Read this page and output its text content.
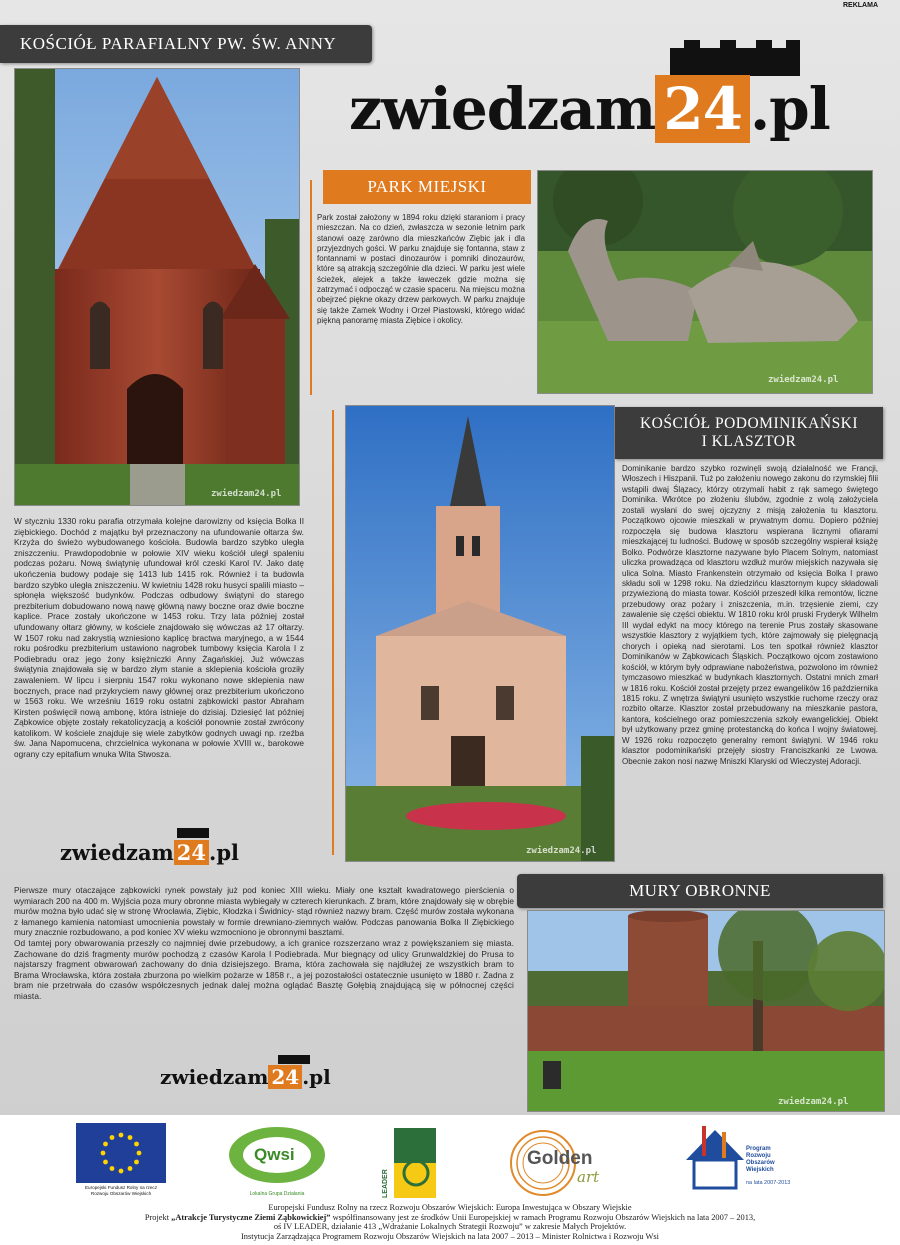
REKLAMA
KOŚCIÓŁ PARAFIALNY PW. ŚW. ANNY
zwiedzam24.pl

W styczniu 1330 roku parafia otrzymała kolejne darowizny od księcia Bolka II ziębickiego. Dochód z majątku był przeznaczony na ufundowanie ołtarza św. Krzyża do świeżo wybudowanego kościoła. Budowla bardzo szybko uległa zniszczeniu. Prawdopodobnie w połowie XIV wieku kościół uległ spaleniu podczas pożaru. Nową świątynię ufundował król czeski Karol IV. Jako datę ukończenia budowy podaje się 1413 lub 1415 rok. Również i ta budowla bardzo szybko uległa zniszczeniu. W kwietniu 1428 roku husyci spalili miasto – spłonęła większość budynków. Podczas odbudowy świątyni do starego prezbiterium dobudowano nową nawę główną nawy boczne oraz dwie boczne kaplice. Prace zostały ukończone w 1453 roku. Trzy lata później został ufundowany ołtarz główny, w kościele znajdowało się wówczas aż 17 ołtarzy. W 1507 roku nad zakrystią wzniesiono kaplicę bractwa maryjnego, a w 1544 roku pośrodku prezbiterium ustawiono nagrobek tumbowy księcia Karola I z Podiebradu oraz jego żony księżniczki Anny Żagańskiej. Już wówczas świątynia znajdowała się w bardzo złym stanie a sklepienia kościoła groziły zawaleniem. W lipcu i sierpniu 1547 roku wykonano nowe sklepienia naw bocznych, prace nad przykryciem nawy głównej oraz prezbiterium ukończono w 1563 roku. We wrześniu 1619 roku ostatni ząbkowicki pastor Abraham Kirsten poświęcił nową ambonę, która istnieje do dzisiaj. Dziesięć lat później Ząbkowice objęte zostały rekatolicyzacją a kościół ponownie został zwrócony katolikom. W kościele znajduje się wiele zabytków godnych uwagi np. rzeźba św. Jana Napomucena, chrzcielnica wykonana w połowie XVIII w., barokowe ograny czy epitafium wnuka Wita Stwosza.

zwiedzam 24 .pl
zwiedzam 24 .pl
PARK MIEJSKI

Park został założony w 1894 roku dzięki staraniom i pracy mieszczan. Na co dzień, zwłaszcza w sezonie letnim park stanowi oazę zarówno dla mieszkańców Ziębic jak i dla przyjezdnych gości. W parku znajduje się fontanna, staw z fontannami w postaci dinozaurów i pomniki dinozaurów, które są atrakcją szczególnie dla dzieci. W parku jest wiele ścieżek, alejek a także ławeczek gdzie można się zatrzymać i odpocząć w czasie spaceru. Na miejscu można obejrzeć piękne okazy drzew parkowych. W parku znajduje się także Zamek Wodny i Orzeł Piastowski, którego widać piękną panoramę miasta Ziębice i okolicy.

zwiedzam24.pl
zwiedzam24.pl
KOŚCIÓŁ PODOMINIKAŃSKI
I KLASZTOR

Dominikanie bardzo szybko rozwinęli swoją działalność we Francji, Włoszech i Hiszpanii. Tuż po założeniu nowego zakonu do rzymskiej filii wstąpili dwaj Ślązacy, którzy otrzymali habit z rąk samego świętego Dominika. Wkrótce po złożeniu ślubów, zgodnie z wolą założyciela zostali wysłani do swej ojczyzny z misją założenia tu klasztoru. Początkowo ojcowie mieszkali w prywatnym domu. Dopiero później rozpoczęła się budowa klasztoru wspierana licznymi ofiarami mieszkającej tu ludności. Budowę w sposób szczególny wspierał książę Bolko. Podwórze klasztorne nazywane było Placem Solnym, natomiast uliczka prowadząca od klasztoru wzdłuż murów miejskich nazywała się ulica Solna. Miasto Frankenstein otrzymało od księcia Bolka I prawo składu soli w 1298 roku. Na dziedzińcu klasztornym kupcy składowali przywiezioną do miasta towar. Kościół przeszedł kilka remontów, liczne przebudowy oraz pożary i zniszczenia, m.in. trzęsienie ziemi, czy zawalenie się części obiektu. W 1810 roku król pruski Fryderyk Wilhelm III wydał edykt na mocy którego na terenie Prus zostały skasowane wszystkie klasztory z wyjątkiem tych, które zajmowały się pielęgnacją chorych i opieką nad sierotami. Los ten spotkał również klasztor Dominikanów w Ząbkowicach Śląskich. Początkowo ojcom zostawiono kościół, w którym były odprawiane nabożeństwa, pozwolono im również tymczasowo mieszkać w budynkach klasztornych. Ostatni mnich zmarł w 1816 roku. Kościół został przejęty przez ewangelików 16 października 1815 roku. Z wnętrza świątyni usunięto wszystkie ruchome rzeczy oraz rozbito ołtarze. Klasztor został przebudowany na mieszkanie pastora, kantora, kościelnego oraz pomieszczenia szkoły ewangelickiej. Obiekt był użytkowany przez gminę protestancką do końca I wojny światowej. W 1926 roku rozpoczęto generalny remont świątyni. W 1946 roku klasztor podominikański przejęły siostry Franciszkanki ze Lwowa. Obecnie zakon nosi nazwę Mniszki Klaryski od Wieczystej Adoracji.

Pierwsze mury otaczające ząbkowicki rynek powstały już pod koniec XIII wieku. Miały one kształt kwadratowego pierścienia o wymiarach 200 na 400 m. Wyjścia poza mury obronne miasta wybiegały w czterech kierunkach. Z bram, które znajdowały się w obrębie murów można było udać się w stronę Wrocławia, Ziębic, Kłodzka i Świdnicy- stąd również nazwy bram. Część murów została wykonana z łamanego kamienia natomiast umocnienia powstały w formie drewniano-ziemnych wałów. Podczas panowania Bolka II Ziębickiego mury znacznie rozbudowano, a pod koniec XV wieku wzmocniono je obronnymi basztami.

Od tamtej pory obwarowania przeszły co najmniej dwie przebudowy, a ich granice rozszerzano wraz z powiększaniem się miasta. Zachowane do dziś fragmenty murów pochodzą z czasów Karola I Podiebrada. Mur biegnący od ulicy Grunwaldzkiej do Prusa to najstarszy fragment obwarowań zachowany do dnia dzisiejszego. Brama, która zachowała się najdłużej ze wszystkich bram to Brama Wrocławska, która została zburzona po wielkim pożarze w 1858 r., a jej pozostałości ostatecznie usunięto w 1880 r. Żadna z bram nie przetrwała do czasów współczesnych jednak dalej można oglądać Basztę Gołębią znajdującą się w północnej części miasta.

MURY OBRONNE
zwiedzam24.pl
zwiedzam 24 .pl
Europejski Fundusz Rolny na rzecz Rozwoju Obszarów Wiejskich
Qwsi
Lokalna Grupa Działania	LEADER
Golden
art
Program
Rozwoju
Obszarów
Wiejskich
na lata 2007-2013
Europejski Fundusz Rolny na rzecz Rozwoju Obszarów Wiejskich: Europa Inwestująca w Obszary Wiejskie
Projekt „Atrakcje Turystyczne Ziemi Ząbkowickiej” współfinansowany jest ze środków Unii Europejskiej w ramach Programu Rozwoju Obszarów Wiejskich na lata 2007 – 2013,
oś IV LEADER, działanie 413 „Wdrażanie Lokalnych Strategii Rozwoju” w zakresie Małych Projektów.
Instytucja Zarządzająca Programem Rozwoju Obszarów Wiejskich na lata 2007 – 2013 – Minister Rolnictwa i Rozwoju Wsi
